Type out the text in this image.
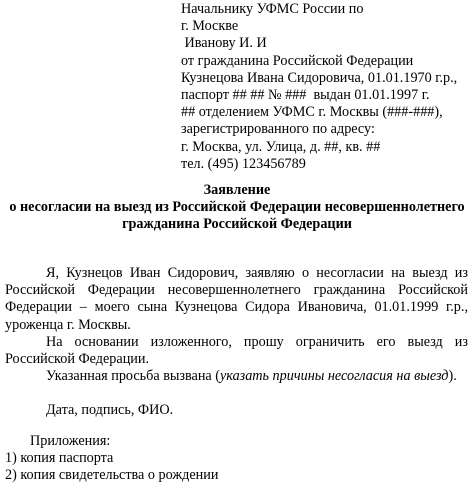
Начальнику УФМС России по
г. Москве
Иванову И. И
от гражданина Российской Федерации
Кузнецова Ивана Сидоровича, 01.01.1970 г.р.,
паспорт ## ## № ###  выдан 01.01.1997 г.
## отделением УФМС г. Москвы (###-###),
зарегистрированного по адресу:
г. Москва, ул. Улица, д. ##, кв. ##
тел. (495) 123456789
Заявление
о несогласии на выезд из Российской Федерации несовершеннолетнего
гражданина Российской Федерации
Я, Кузнецов Иван Сидорович, заявляю о несогласии на выезд из
Российской Федерации несовершеннолетнего гражданина Российской
Федерации – моего сына Кузнецова Сидора Ивановича, 01.01.1999 г.р.,
уроженца г. Москвы.
На основании изложенного, прошу ограничить его выезд из
Российской Федерации.
Указанная просьба вызвана (указать причины несогласия на выезд).
Дата, подпись, ФИО.
Приложения:
1) копия паспорта
2) копия свидетельства о рождении
